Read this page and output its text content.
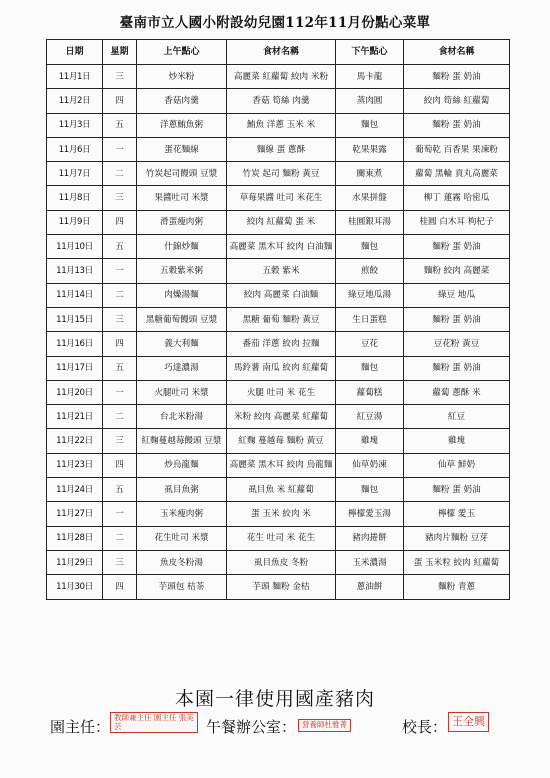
臺南市立人國小附設幼兒園112年11月份點心菜單
日期	星期	上午點心	食材名稱	下午點心	食材名稱
11月1日	三	炒米粉	高麗菜 紅蘿蔔 絞肉 米粉	馬卡龍	麵粉 蛋 奶油
11月2日	四	香菇肉羹	香菇 筍絲 肉羹	蒸肉圓	絞肉 筍絲 紅蘿蔔
11月3日	五	洋蔥鮪魚粥	鮪魚 洋蔥 玉米 米	麵包	麵粉 蛋 奶油
11月6日	一	蛋花麵線	麵線 蛋 蔥酥	乾果果露	葡萄乾 百香果 果凍粉
11月7日	二	竹炭起司饅頭 豆漿	竹炭 起司 麵粉 黃豆	關東煮	蘿蔔 黑輪 貢丸高麗菜
11月8日	三	果醬吐司 米漿	草莓果醬 吐司 米花生	水果拼盤	柳丁 蓮霧 哈密瓜
11月9日	四	滑蛋瘦肉粥	絞肉 紅蘿蔔 蛋 米	桂圓銀耳湯	桂圓 白木耳 枸杞子
11月10日	五	什錦炒麵	高麗菜 黑木耳 絞肉 白油麵	麵包	麵粉 蛋 奶油
11月13日	一	五穀紫米粥	五穀 紫米	煎餃	麵粉 絞肉 高麗菜
11月14日	二	肉燥湯麵	絞肉 高麗菜 白油麵	綠豆地瓜湯	綠豆 地瓜
11月15日	三	黑糖葡萄饅頭 豆漿	黑糖 葡萄 麵粉 黃豆	生日蛋糕	麵粉 蛋 奶油
11月16日	四	義大利麵	番茄 洋蔥 絞肉 拉麵	豆花	豆花粉 黃豆
11月17日	五	巧達濃湯	馬鈴薯 南瓜 絞肉 紅蘿蔔	麵包	麵粉 蛋 奶油
11月20日	一	火腿吐司 米漿	火腿 吐司 米 花生	蘿蔔糕	蘿蔔 蔥酥 米
11月21日	二	台北米粉湯	米粉 絞肉 高麗菜 紅蘿蔔	紅豆湯	紅豆
11月22日	三	紅麴蔓越莓饅頭 豆漿	紅麴 蔓越莓 麵粉 黃豆	雞塊	雞塊
11月23日	四	炒烏龍麵	高麗菜 黑木耳 絞肉 烏龍麵	仙草奶凍	仙草 鮮奶
11月24日	五	虱目魚粥	虱目魚 米 紅蘿蔔	麵包	麵粉 蛋 奶油
11月27日	一	玉米瘦肉粥	蛋 玉米 絞肉 米	檸檬愛玉湯	檸檬 愛玉
11月28日	二	花生吐司 米漿	花生 吐司 米 花生	豬肉捲餅	豬肉片麵粉 豆芽
11月29日	三	魚皮冬粉湯	虱目魚皮 冬粉	玉米濃湯	蛋 玉米粒 絞肉 紅蘿蔔
11月30日	四	芋頭包 桔茶	芋頭 麵粉 金桔	蔥油餅	麵粉 青蔥
本園一律使用國產豬肉
園主任：
教師兼主任 園主任 張美芸	午餐辦公室： 營養師杜雅菁	校長： 王全興
